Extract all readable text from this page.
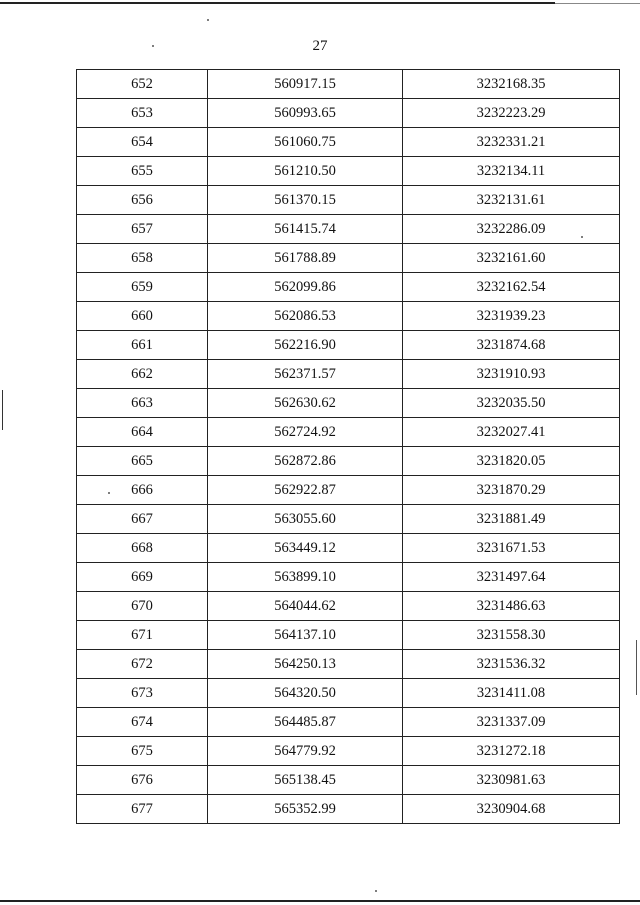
27
652	560917.15	3232168.35
653	560993.65	3232223.29
654	561060.75	3232331.21
655	561210.50	3232134.11
656	561370.15	3232131.61
657	561415.74	3232286.09
658	561788.89	3232161.60
659	562099.86	3232162.54
660	562086.53	3231939.23
661	562216.90	3231874.68
662	562371.57	3231910.93
663	562630.62	3232035.50
664	562724.92	3232027.41
665	562872.86	3231820.05
666	562922.87	3231870.29
667	563055.60	3231881.49
668	563449.12	3231671.53
669	563899.10	3231497.64
670	564044.62	3231486.63
671	564137.10	3231558.30
672	564250.13	3231536.32
673	564320.50	3231411.08
674	564485.87	3231337.09
675	564779.92	3231272.18
676	565138.45	3230981.63
677	565352.99	3230904.68
